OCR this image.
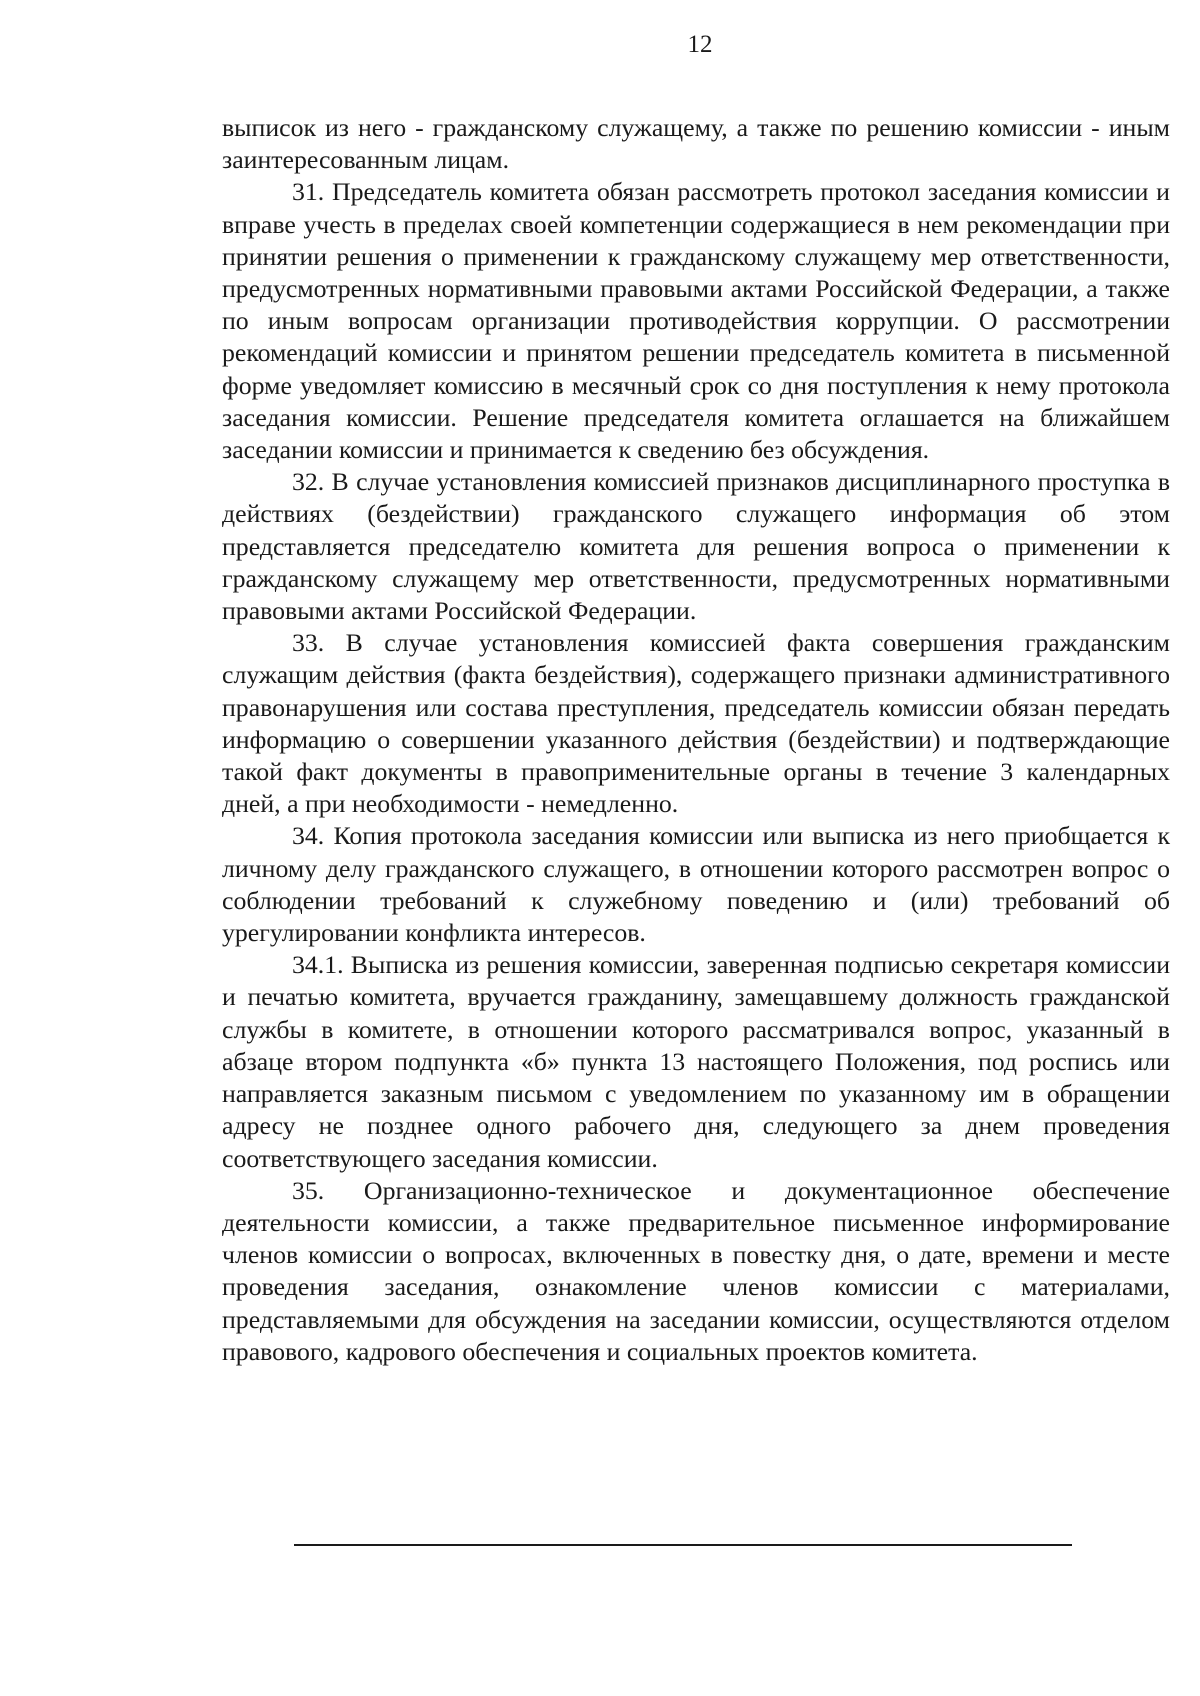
12

выписок из него - гражданскому служащему, а также по решению комиссии - иным заинтересованным лицам.

31. Председатель комитета обязан рассмотреть протокол заседания комиссии и вправе учесть в пределах своей компетенции содержащиеся в нем рекомендации при принятии решения о применении к гражданскому служащему мер ответственности, предусмотренных нормативными правовыми актами Российской Федерации, а также по иным вопросам организации противодействия коррупции. О рассмотрении рекомендаций комиссии и принятом решении председатель комитета в письменной форме уведомляет комиссию в месячный срок со дня поступления к нему протокола заседания комиссии. Решение председателя комитета оглашается на ближайшем заседании комиссии и принимается к сведению без обсуждения.

32. В случае установления комиссией признаков дисциплинарного проступка в действиях (бездействии) гражданского служащего информация об этом представляется председателю комитета для решения вопроса о применении к гражданскому служащему мер ответственности, предусмотренных нормативными правовыми актами Российской Федерации.

33. В случае установления комиссией факта совершения гражданским служащим действия (факта бездействия), содержащего признаки административного правонарушения или состава преступления, председатель комиссии обязан передать информацию о совершении указанного действия (бездействии) и подтверждающие такой факт документы в правоприменительные органы в течение 3 календарных дней, а при необходимости - немедленно.

34. Копия протокола заседания комиссии или выписка из него приобщается к личному делу гражданского служащего, в отношении которого рассмотрен вопрос о соблюдении требований к служебному поведению и (или) требований об урегулировании конфликта интересов.

34.1. Выписка из решения комиссии, заверенная подписью секретаря комиссии и печатью комитета, вручается гражданину, замещавшему должность гражданской службы в комитете, в отношении которого рассматривался вопрос, указанный в абзаце втором подпункта «б» пункта 13 настоящего Положения, под роспись или направляется заказным письмом с уведомлением по указанному им в обращении адресу не позднее одного рабочего дня, следующего за днем проведения соответствующего заседания комиссии.

35. Организационно-техническое и документационное обеспечение деятельности комиссии, а также предварительное письменное информирование членов комиссии о вопросах, включенных в повестку дня, о дате, времени и месте проведения заседания, ознакомление членов комиссии с материалами, представляемыми для обсуждения на заседании комиссии, осуществляются отделом правового, кадрового обеспечения и социальных проектов комитета.
